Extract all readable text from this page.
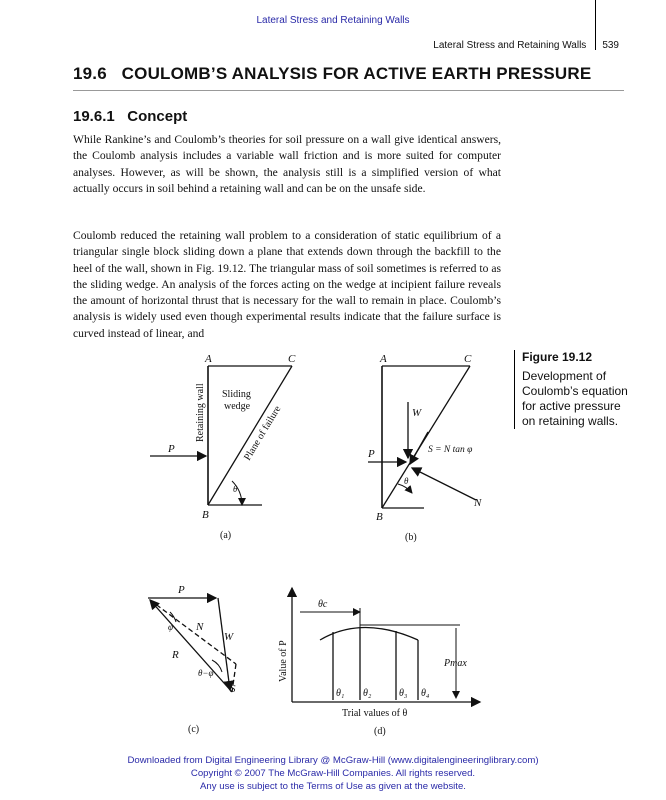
Lateral Stress and Retaining Walls
Lateral Stress and Retaining Walls 539
19.6 COULOMB’S ANALYSIS FOR ACTIVE EARTH PRESSURE
19.6.1 Concept

While Rankine’s and Coulomb’s theories for soil pressure on a wall give identical answers, the Coulomb analysis includes a variable wall friction and is more suited for computer analyses. However, as will be shown, the analysis still is a simplified version of what actually occurs in soil behind a retaining wall and can be on the unsafe side.

Coulomb reduced the retaining wall problem to a consideration of static equilibrium of a triangular single block sliding down a plane that extends down through the backfill to the heel of the wall, shown in Fig. 19.12. The triangular mass of soil sometimes is referred to as the sliding wedge. An analysis of the forces acting on the wedge at incipient failure reveals the amount of horizontal thrust that is necessary for the wall to remain in place. Coulomb’s analysis is widely used even though experimental results indicate that the failure surface is curved instead of linear, and

Figure 19.12
Development of Coulomb’s equation for active pressure on retaining walls.
A	C
B
P
θ
Retaining wall Sliding
wedge
Plane of failure
(a)
A	C
B
P
W
N
S = N tan φ
θ
(b)
P
N
W
R
S
φ
θ−φ
(c)
θc
Pmax
θ₁ θ₂	θ₃ θ₄
Value of P
Trial values of θ
(d)
Downloaded from Digital Engineering Library @ McGraw-Hill (www.digitalengineeringlibrary.com)
Copyright © 2007 The McGraw-Hill Companies. All rights reserved.
Any use is subject to the Terms of Use as given at the website.
